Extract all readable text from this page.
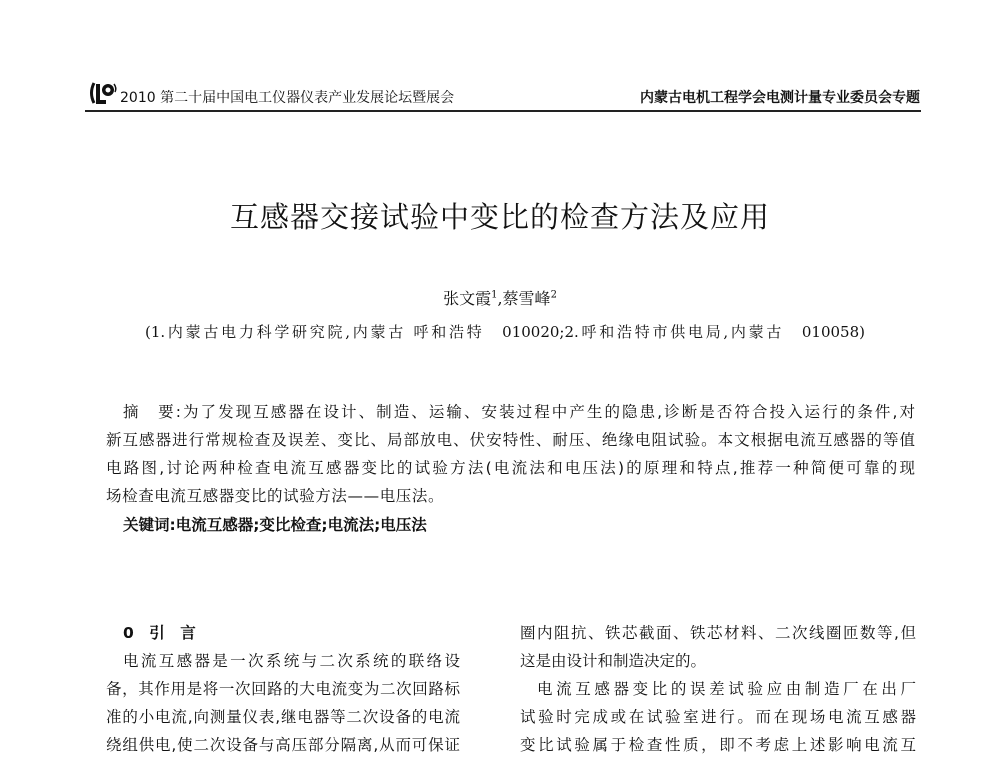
2010 第二十届中国电工仪器仪表产业发展论坛暨展会	内蒙古电机工程学会电测计量专业委员会专题
互感器交接试验中变比的检查方法及应用
张文霞$^1$,蔡雪峰$^2$
(1.内蒙古电力科学研究院,内蒙古 呼和浩特　010020;2.呼和浩特市供电局,内蒙古　010058)
摘　要:为了发现互感器在设计、制造、运输、安装过程中产生的隐患,诊断是否符合投入运行的条件,对
新互感器进行常规检查及误差、变比、局部放电、伏安特性、耐压、绝缘电阻试验。本文根据电流互感器的等值
电路图,讨论两种检查电流互感器变比的试验方法(电流法和电压法)的原理和特点,推荐一种简便可靠的现
场检查电流互感器变比的试验方法——电压法。
关键词:电流互感器;变比检查;电流法;电压法
0　引　言
电流互感器是一次系统与二次系统的联络设
备，其作用是将一次回路的大电流变为二次回路标
准的小电流,向测量仪表,继电器等二次设备的电流
绕组供电,使二次设备与高压部分隔离,从而可保证
圈内阻抗、铁芯截面、铁芯材料、二次线圈匝数等,但
这是由设计和制造决定的。
电流互感器变比的误差试验应由制造厂在出厂
试验时完成或在试验室进行。而在现场电流互感器
变比试验属于检查性质，即不考虑上述影响电流互
